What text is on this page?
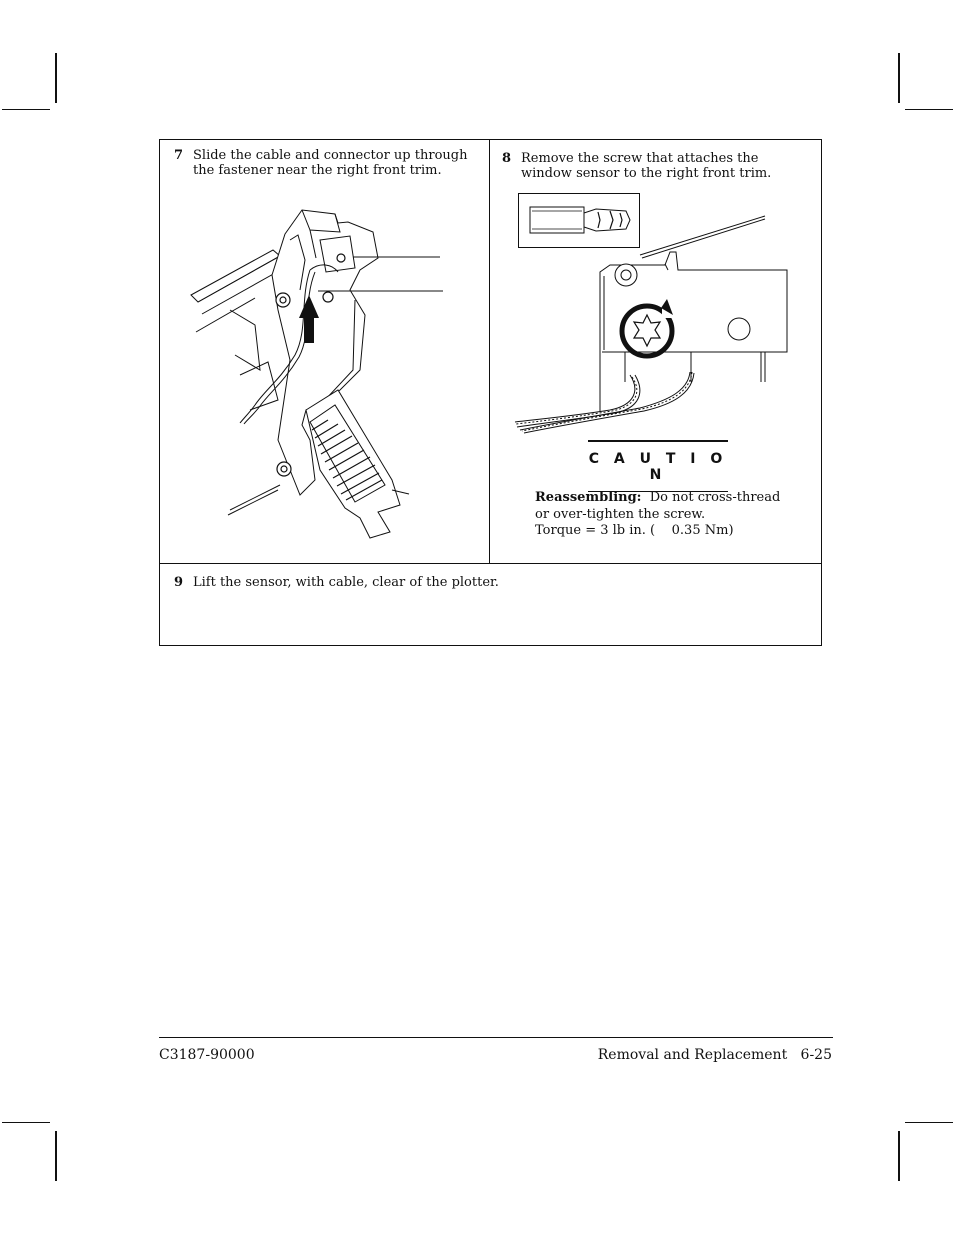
7 Slide the cable and connector up through
the fastener near the right front trim.
8 Remove the screw that attaches the
window sensor to the right front trim.
C A U T I O N
Reassembling: Do not cross-thread
or over-tighten the screw.
Torque = 3 lb in. (    0.35 Nm)
9 Lift the sensor, with cable, clear of the plotter.
C3187-90000	Removal and Replacement   6-25
